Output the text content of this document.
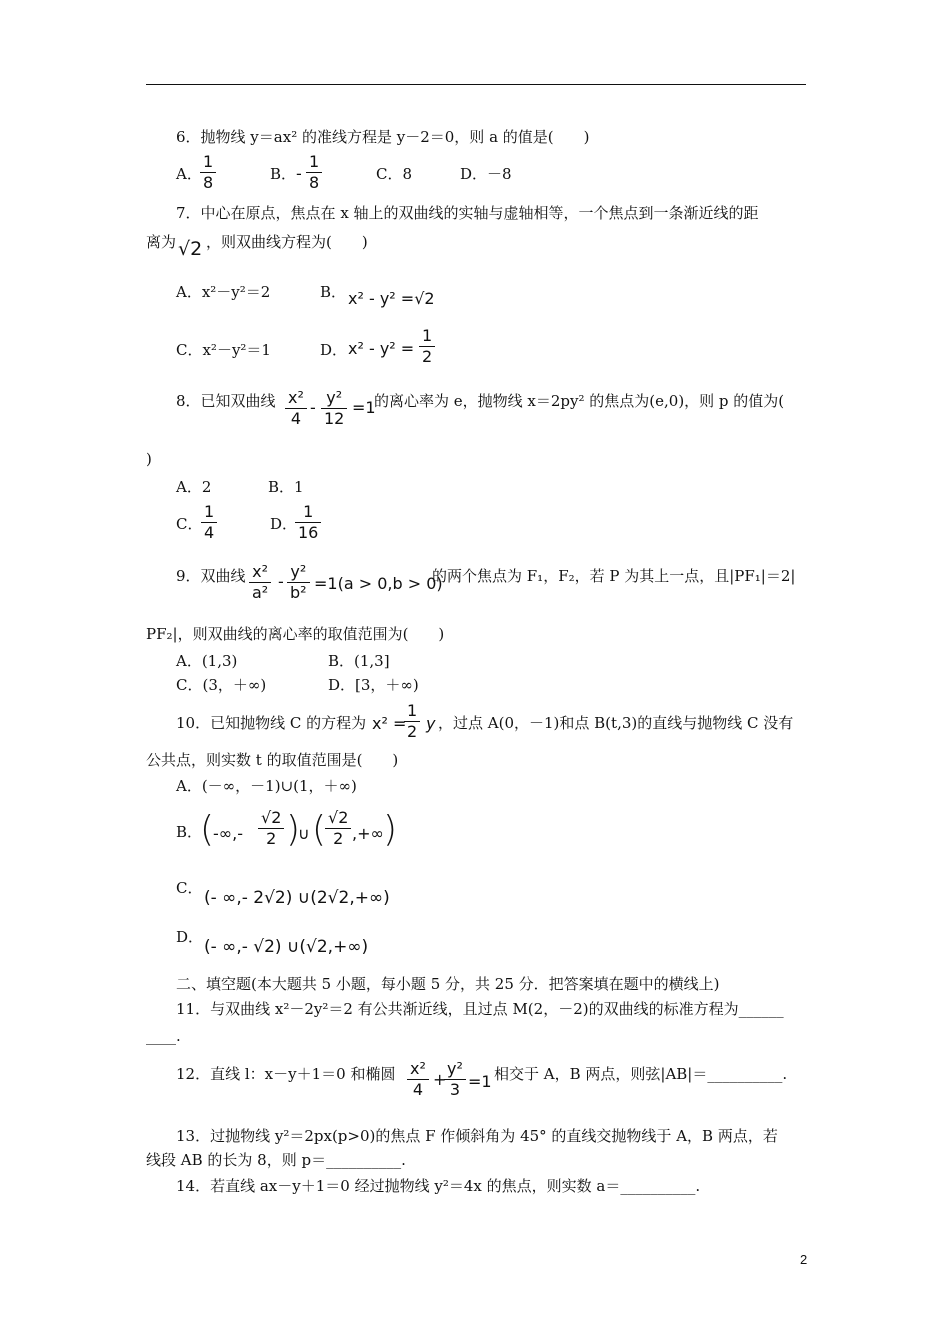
6．抛物线 y＝ax² 的准线方程是 y－2＝0，则 a 的值是(　　)
A．
1
8	B． -
1
8	C．8	D．－8
7．中心在原点，焦点在 x 轴上的双曲线的实轴与虚轴相等，一个焦点到一条渐近线的距
离为 √2 ，则双曲线方程为(　　)
A．x²－y²＝2	B． x² - y² =√2
C．x²－y²＝1	D． x² - y² =
1
2
8．已知双曲线 x²
4
-
y²
12
=1
的离心率为 e，抛物线 x＝2py² 的焦点为(e,0)，则 p 的值为(
)
A．2	B．1
C．
1
4	D．
1
16
9．双曲线 x²
a²
-
y²
b² =1(a > 0,b > 0)
的两个焦点为 F₁，F₂，若 P 为其上一点，且|PF₁|＝2|
PF₂|，则双曲线的离心率的取值范围为(　　)
A．(1,3)	B．(1,3]
C．(3，＋∞)	D．[3，＋∞)
10．已知抛物线 C 的方程为 x² =
1
2 y ，过点 A(0，－1)和点 B(t,3)的直线与抛物线 C 没有
公共点，则实数 t 的取值范围是(　　)
A．(－∞，－1)∪(1，＋∞)
B．
(
-∞,-
√2
2 )
∪ ( √2
2 ,+∞ )
C． (- ∞,- 2√2) ∪(2√2,+∞)
D． (- ∞,- √2) ∪(√2,+∞)
二、填空题(本大题共 5 小题，每小题 5 分，共 25 分．把答案填在题中的横线上)
11．与双曲线 x²－2y²＝2 有公共渐近线，且过点 M(2，－2)的双曲线的标准方程为______
____.
12．直线 l：x－y＋1＝0 和椭圆 x²
4
+
y²
3 =1 相交于 A，B 两点，则弦|AB|＝__________.
13．过抛物线 y²＝2px(p>0)的焦点 F 作倾斜角为 45° 的直线交抛物线于 A，B 两点，若
线段 AB 的长为 8，则 p＝__________.
14．若直线 ax－y＋1＝0 经过抛物线 y²＝4x 的焦点，则实数 a＝__________.
2
